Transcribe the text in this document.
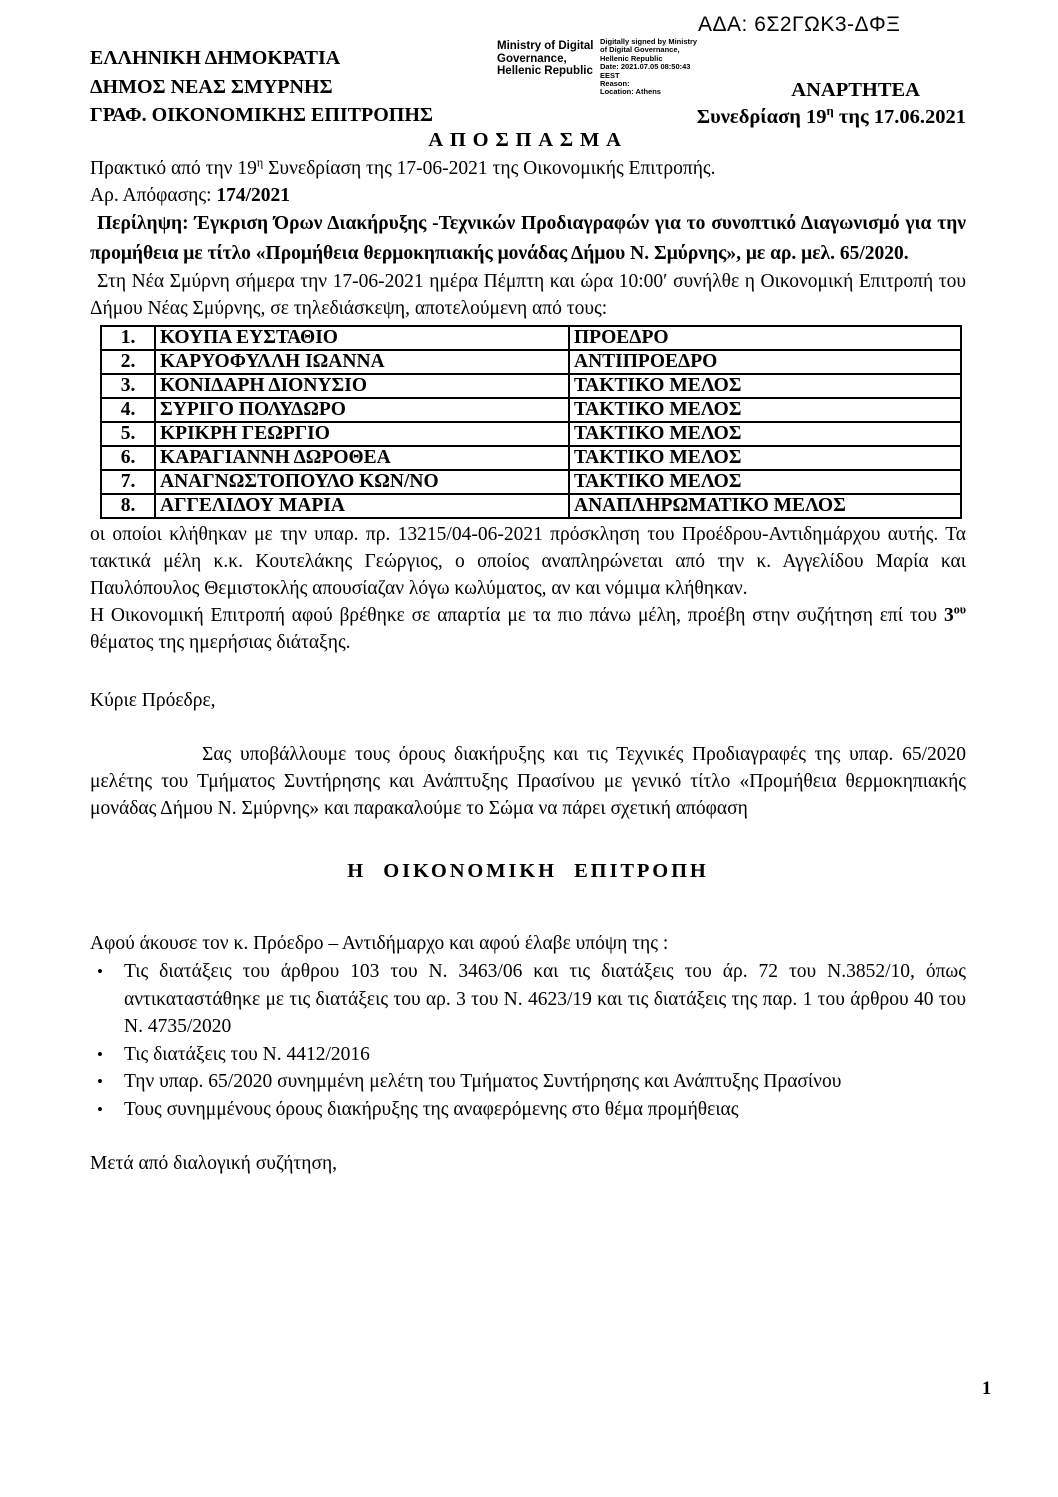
ΑΔΑ: 6Σ2ΓΩΚ3-ΔΦΞ
ΕΛΛΗΝΙΚΗ ΔΗΜΟΚΡΑΤΙΑ
ΔΗΜΟΣ ΝΕΑΣ ΣΜΥΡΝΗΣ
ΓΡΑΦ. ΟΙΚΟΝΟΜΙΚΗΣ ΕΠΙΤΡΟΠΗΣ
Ministry of Digital
Governance,
Hellenic Republic
Digitally signed by Ministry
of Digital Governance,
Hellenic Republic
Date: 2021.07.05 08:50:43
EEST
Reason:
Location: Athens	ΑΝΑΡΤΗΤΕΑ
Συνεδρίαση $19^\eta$ της 17.06.2021
ΑΠΟΣΠΑΣΜΑ

Πρακτικό από την $19^\eta$ Συνεδρίαση της 17-06-2021 της Οικονομικής Επιτροπής.

Αρ. Απόφασης: 174/2021

Περίληψη: Έγκριση Όρων Διακήρυξης -Τεχνικών Προδιαγραφών για το συνοπτικό Διαγωνισμό για την προμήθεια με τίτλο «Προμήθεια θερμοκηπιακής μονάδας Δήμου Ν. Σμύρνης», με αρ. μελ. 65/2020.

Στη Νέα Σμύρνη σήμερα την 17-06-2021 ημέρα Πέμπτη και ώρα 10:00′ συνήλθε η Οικονομική Επιτροπή του Δήμου Νέας Σμύρνης, σε τηλεδιάσκεψη, αποτελούμενη από τους:

1.	ΚΟΥΠΑ ΕΥΣΤΑΘΙΟ	ΠΡΟΕΔΡΟ
2.	ΚΑΡΥΟΦΥΛΛΗ ΙΩΑΝΝΑ	ΑΝΤΙΠΡΟΕΔΡΟ
3.	ΚΟΝΙΔΑΡΗ ΔΙΟΝΥΣΙΟ	ΤΑΚΤΙΚΟ ΜΕΛΟΣ
4.	ΣΥΡΙΓΟ ΠΟΛΥΔΩΡΟ	ΤΑΚΤΙΚΟ ΜΕΛΟΣ
5.	ΚΡΙΚΡΗ ΓΕΩΡΓΙΟ	ΤΑΚΤΙΚΟ ΜΕΛΟΣ
6.	ΚΑΡΑΓΙΑΝΝΗ ΔΩΡΟΘΕΑ	ΤΑΚΤΙΚΟ ΜΕΛΟΣ
7.	ΑΝΑΓΝΩΣΤΟΠΟΥΛΟ ΚΩΝ/ΝΟ	ΤΑΚΤΙΚΟ ΜΕΛΟΣ
8.	ΑΓΓΕΛΙΔΟΥ ΜΑΡΙΑ	ΑΝΑΠΛΗΡΩΜΑΤΙΚΟ ΜΕΛΟΣ

οι οποίοι κλήθηκαν με την υπαρ. πρ. 13215/04-06-2021 πρόσκληση του Προέδρου-Αντιδημάρχου αυτής. Τα τακτικά μέλη κ.κ. Κουτελάκης Γεώργιος, ο οποίος αναπληρώνεται από την κ. Αγγελίδου Μαρία και Παυλόπουλος Θεμιστοκλής απουσίαζαν λόγω κωλύματος, αν και νόμιμα κλήθηκαν.

Η Οικονομική Επιτροπή αφού βρέθηκε σε απαρτία με τα πιο πάνω μέλη, προέβη στην συζήτηση επί του $3^{o\upsilon}$ θέματος της ημερήσιας διάταξης.

Κύριε Πρόεδρε,

Σας υποβάλλουμε τους όρους διακήρυξης και τις Τεχνικές Προδιαγραφές της υπαρ. 65/2020 μελέτης του Τμήματος Συντήρησης και Ανάπτυξης Πρασίνου με γενικό τίτλο «Προμήθεια θερμοκηπιακής μονάδας Δήμου Ν. Σμύρνης» και παρακαλούμε το Σώμα να πάρει σχετική απόφαση

Η ΟΙΚΟΝΟΜΙΚΗ ΕΠΙΤΡΟΠΗ

Αφού άκουσε τον κ. Πρόεδρο – Αντιδήμαρχο και αφού έλαβε υπόψη της :

• Τις διατάξεις του άρθρου 103 του Ν. 3463/06 και τις διατάξεις του άρ. 72 του Ν.3852/10, όπως αντικαταστάθηκε με τις διατάξεις του αρ. 3 του Ν. 4623/19 και τις διατάξεις της παρ. 1 του άρθρου 40 του Ν. 4735/2020
• Τις διατάξεις του Ν. 4412/2016
• Την υπαρ. 65/2020 συνημμένη μελέτη του Τμήματος Συντήρησης και Ανάπτυξης Πρασίνου
• Τους συνημμένους όρους διακήρυξης της αναφερόμενης στο θέμα προμήθειας

Μετά από διαλογική συζήτηση,

1
